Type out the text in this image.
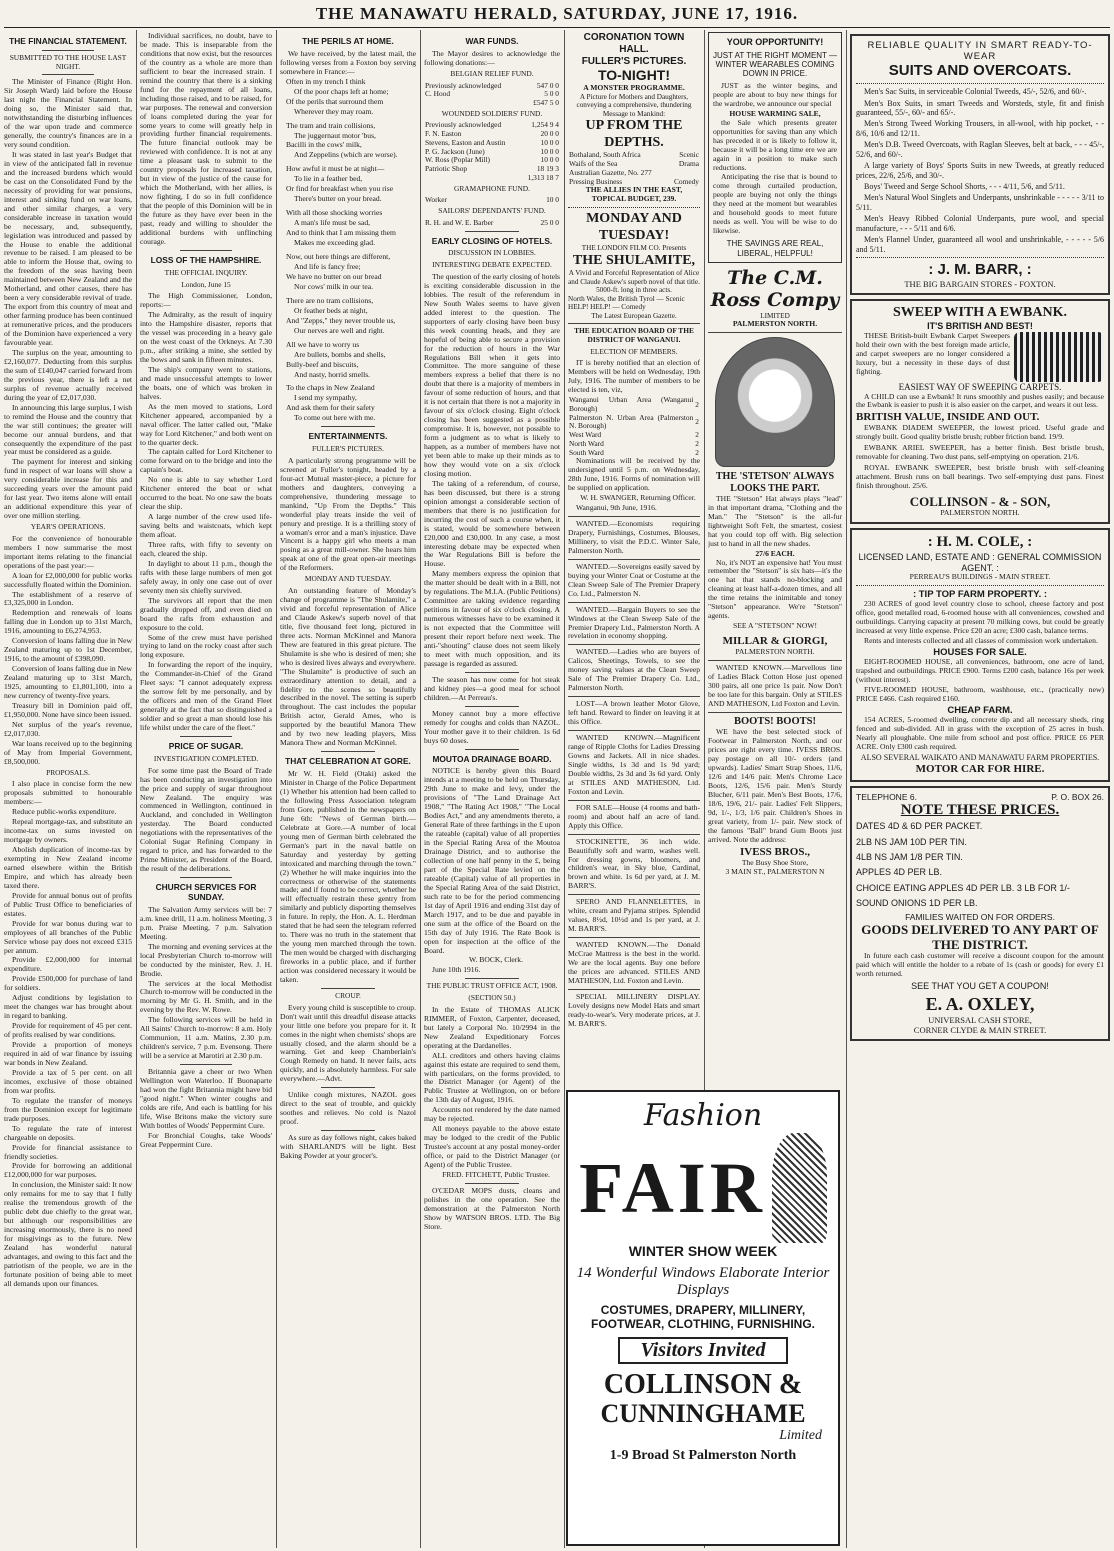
THE MANAWATU HERALD, SATURDAY, JUNE 17, 1916.
THE FINANCIAL STATEMENT.
SUBMITTED TO THE HOUSE LAST NIGHT.

The Minister of Finance (Right Hon. Sir Joseph Ward) laid before the House last night the Financial Statement. In doing so, the Minister said that, notwithstanding the disturbing influences of the war upon trade and commerce generally, the country's finances are in a very sound condition.

It was stated in last year's Budget that in view of the anticipated fall in revenue and the increased burdens which would be cast on the Consolidated Fund by the necessity of providing for war pensions, interest and sinking fund on war loans, and other similar charges, a very considerable increase in taxation would be necessary, and, subsequently, legislation was introduced and passed by the House to enable the additional revenue to be raised. I am pleased to be able to inform the House that, owing to the freedom of the seas having been maintained between New Zealand and the Motherland, and other causes, there has been a very considerable revival of trade. The export from this country of meat and other farming produce has been continued at remunerative prices, and the producers of the Dominion have experienced a very favourable year.

The surplus on the year, amounting to £2,160,077. Deducting from this surplus the sum of £140,047 carried forward from the previous year, there is left a net surplus of revenue actually received during the year of £2,017,030.

In announcing this large surplus, I wish to remind the House and the country that the war still continues; the greater will become our annual burdens, and that consequently the expenditure of the past year must be considered as a guide.

The payment for interest and sinking fund in respect of war loans will show a very considerable increase for this and succeeding years over the amount paid for last year. Two items alone will entail an additional expenditure this year of over one million sterling.

YEAR'S OPERATIONS.

For the convenience of honourable members I now summarise the most important items relating to the financial operations of the past year:—

A loan for £2,000,000 for public works successfully floated within the Dominion.

The establishment of a reserve of £3,325,000 in London.

Redemption and renewals of loans falling due in London up to 31st March, 1916, amounting to £6,274,953.

Conversion of loans falling due in New Zealand maturing up to 1st December, 1916, to the amount of £398,090.

Conversion of loans falling due in New Zealand maturing up to 31st March, 1925, amounting to £1,801,100, into a new currency of twenty-five years.

Treasury bill in Dominion paid off, £1,950,000. None have since been issued.

Net surplus of the year's revenue, £2,017,030.

War loans received up to the beginning of May from Imperial Government, £8,500,000.

PROPOSALS.

I also place in concise form the new proposals submitted to honourable members:—

Reduce public-works expenditure.

Repeal mortgage-tax, and substitute an income-tax on sums invested on mortgage by owners.

Abolish duplication of income-tax by exempting in New Zealand income earned elsewhere within the British Empire, and which has already been taxed there.

Provide for annual bonus out of profits of Public Trust Office to beneficiaries of estates.

Provide for war bonus during war to employees of all branches of the Public Service whose pay does not exceed £315 per annum.

Provide £2,000,000 for internal expenditure.

Provide £500,000 for purchase of land for soldiers.

Adjust conditions by legislation to meet the changes war has brought about in regard to banking.

Provide for requirement of 45 per cent. of profits realised by war conditions.

Provide a proportion of moneys required in aid of war finance by issuing war bonds in New Zealand.

Provide a tax of 5 per cent. on all incomes, exclusive of those obtained from war profits.

To regulate the transfer of moneys from the Dominion except for legitimate trade purposes.

To regulate the rate of interest chargeable on deposits.

Provide for financial assistance to friendly societies.

Provide for borrowing an additional £12,000,000 for war purposes.

In conclusion, the Minister said: It now only remains for me to say that I fully realise the tremendous growth of the public debt due chiefly to the great war, but although our responsibilities are increasing enormously, there is no need for misgivings as to the future. New Zealand has wonderful natural advantages, and owing to this fact and the patriotism of the people, we are in the fortunate position of being able to meet all demands upon our finances.

Individual sacrifices, no doubt, have to be made. This is inseparable from the conditions that now exist, but the resources of the country as a whole are more than sufficient to bear the increased strain. I remind the country that there is a sinking fund for the repayment of all loans, including those raised, and to be raised, for war purposes. The renewal and conversion of loans completed during the year for some years to come will greatly help in providing further financial requirements. The future financial outlook may be reviewed with confidence. It is not at any time a pleasant task to submit to the country proposals for increased taxation, but in view of the justice of the cause for which the Motherland, with her allies, is now fighting, I do so in full confidence that the people of this Dominion will be in the future as they have ever been in the past, ready and willing to shoulder the additional burdens with unflinching courage.

LOSS OF THE HAMPSHIRE.
THE OFFICIAL INQUIRY.
London, June 15

The High Commissioner, London, reports:—

The Admiralty, as the result of inquiry into the Hampshire disaster, reports that the vessel was proceeding in a heavy gale on the west coast of the Orkneys. At 7.30 p.m., after striking a mine, she settled by the bows and sank in fifteen minutes.

The ship's company went to stations, and made unsuccessful attempts to lower the boats, one of which was broken in halves.

As the men moved to stations, Lord Kitchener appeared, accompanied by a naval officer. The latter called out, "Make way for Lord Kitchener," and both went on to the quarter deck.

The captain called for Lord Kitchener to come forward on to the bridge and into the captain's boat.

No one is able to say whether Lord Kitchener entered the boat or what occurred to the boat. No one saw the boats clear the ship.

A large number of the crew used life-saving belts and waistcoats, which kept them afloat.

Three rafts, with fifty to seventy on each, cleared the ship.

In daylight to about 11 p.m., though the rafts with these large numbers of men got safely away, in only one case out of over seventy men six chiefly survived.

The survivors all report that the men gradually dropped off, and even died on board the rafts from exhaustion and exposure to the cold.

Some of the crew must have perished trying to land on the rocky coast after such long exposure.

In forwarding the report of the inquiry, the Commander-in-Chief of the Grand Fleet says: "I cannot adequately express the sorrow felt by me personally, and by the officers and men of the Grand Fleet generally at the fact that so distinguished a soldier and so great a man should lose his life whilst under the care of the fleet."

PRICE OF SUGAR.
INVESTIGATION COMPLETED.

For some time past the Board of Trade has been conducting an investigation into the price and supply of sugar throughout New Zealand. The enquiry was commenced in Wellington, continued in Auckland, and concluded in Wellington yesterday. The Board conducted negotiations with the representatives of the Colonial Sugar Refining Company in regard to price, and has forwarded to the Prime Minister, as President of the Board, the result of the deliberations.

CHURCH SERVICES FOR SUNDAY.

The Salvation Army services will be: 7 a.m. knee drill, 11 a.m. holiness Meeting, 3 p.m. Praise Meeting, 7 p.m. Salvation Meeting.

The morning and evening services at the local Presbyterian Church to-morrow will be conducted by the minister, Rev. J. H. Brodie.

The services at the local Methodist Church to-morrow will be conducted in the morning by Mr G. H. Smith, and in the evening by the Rev. W. Rowe.

The following services will be held in All Saints' Church to-morrow: 8 a.m. Holy Communion, 11 a.m. Matins, 2.30 p.m. children's service, 7 p.m. Evensong. There will be a service at Marotiri at 2.30 p.m.

Britannia gave a cheer or two When Wellington won Waterloo. If Buonaparte had won the fight Britannia might have bid "good night." When winter coughs and colds are rife, And each is battling for his life, Wise Britons make the victory sure With bottles of Woods' Peppermint Cure.

For Bronchial Coughs, take Woods' Great Peppermint Cure.

THE PERILS AT HOME.

We have received, by the latest mail, the following verses from a Foxton boy serving somewhere in France:—

Often in my trench I think

Of the poor chaps left at home;

Of the perils that surround them

Wherever they may roam.

The tram and train collisions,

The juggernaut motor 'bus,

Bacilli in the cows' milk,

And Zeppelins (which are worse).

How awful it must be at night—

To lie in a feather bed,

Or find for breakfast when you rise

There's butter on your bread.

With all those shocking worries

A man's life must be sad,

And to think that I am missing them

Makes me exceeding glad.

Now, out here things are different,

And life is fancy free;

We have no butter on our bread

Nor cows' milk in our tea.

There are no tram collisions,

Or feather beds at night,

And "Zepps," they never trouble us,

Our nerves are well and right.

All we have to worry us

Are bullets, bombs and shells,

Bully-beef and biscuits,

And nasty, horrid smells.

To the chaps in New Zealand

I send my sympathy,

And ask them for their safety

To come out here with me.

ENTERTAINMENTS.
FULLER'S PICTURES.

A particularly strong programme will be screened at Fuller's tonight, headed by a four-act Mutual master-piece, a picture for mothers and daughters, conveying a comprehensive, thundering message to mankind, "Up From the Depths." This wonderful play treats inside the veil of penury and prestige. It is a thrilling story of a woman's error and a man's injustice. Dave Vincent is a happy girl who meets a man posing as a great mill-owner. She hears him speak at one of the great open-air meetings of the Reformers.

MONDAY AND TUESDAY.

An outstanding feature of Monday's change of programme is "The Shulamite," a vivid and forceful representation of Alice and Claude Askew's superb novel of that title, five thousand feet long, pictured in three acts. Norman McKinnel and Manora Thew are featured in this great picture. The Shulamite is she who is desired of men; she who is desired lives always and everywhere. "The Shulamite" is productive of such an extraordinary attention to detail, and a fidelity to the scenes so beautifully described in the novel. The setting is superb throughout. The cast includes the popular British actor, Gerald Ames, who is supported by the beautiful Manora Thew and by two new leading players, Miss Manora Thew and Norman McKinnel.

THAT CELEBRATION AT GORE.

Mr W. H. Field (Otaki) asked the Minister in Charge of the Police Department (1) Whether his attention had been called to the following Press Association telegram from Gore, published in the newspapers on June 6th: "News of German birth.—Celebrate at Gore.—A number of local young men of German birth celebrated the German's part in the naval battle on Saturday and yesterday by getting intoxicated and marching through the town." (2) Whether he will make inquiries into the correctness or otherwise of the statements made; and if found to be correct, whether he will effectually restrain these gentry from similarly and publicly disporting themselves in future. In reply, the Hon. A. L. Herdman stated that he had seen the telegram referred to. There was no truth in the statement that the young men marched through the town. The men would be charged with discharging fireworks in a public place, and if further action was considered necessary it would be taken.

CROUP.

Every young child is susceptible to croup. Don't wait until this dreadful disease attacks your little one before you prepare for it. It comes in the night when chemists' shops are usually closed, and the alarm should be a warning. Get and keep Chamberlain's Cough Remedy on hand. It never fails, acts quickly, and is absolutely harmless. For sale everywhere.—Advt.

Unlike cough mixtures, NAZOL goes direct to the seat of trouble, and quickly soothes and relieves. No cold is Nazol proof.

As sure as day follows night, cakes baked with SHARLAND'S will be light. Best Baking Powder at your grocer's.

WAR FUNDS.

The Mayor desires to acknowledge the following donations:—

BELGIAN RELIEF FUND.
Previously acknowledged	547 0 0
C. Hood	5 0 0
	£547 5 0
WOUNDED SOLDIERS' FUND.
Previously acknowledged	1,254 9 4
F. N. Easton	20 0 0
Stevens, Easton and Austin	10 0 0
P. G. Jackson (June)	10 0 0
W. Ross (Poplar Mill)	10 0 0
Patriotic Shop	18 19 3
	1,313 18 7
GRAMAPHONE FUND.
Worker	10 0
SAILORS' DEPENDANTS' FUND.
R. H. and W. E. Barber	25 0 0
EARLY CLOSING OF HOTELS.
DISCUSSION IN LOBBIES.
INTERESTING DEBATE EXPECTED.

The question of the early closing of hotels is exciting considerable discussion in the lobbies. The result of the referendum in New South Wales seems to have given added interest to the question. The supporters of early closing have been busy this week counting heads, and they are hopeful of being able to secure a provision for the reduction of hours in the War Regulations Bill when it gets into Committee. The more sanguine of these members express a belief that there is no doubt that there is a majority of members in favour of some reduction of hours, and that it is not certain that there is not a majority in favour of six o'clock closing. Eight o'clock closing has been suggested as a possible compromise. It is, however, not possible to form a judgment as to what is likely to happen, as a number of members have not yet been able to make up their minds as to how they would vote on a six o'clock closing motion.

The taking of a referendum, of course, has been discussed, but there is a strong opinion amongst a considerable section of members that there is no justification for incurring the cost of such a course when, it is stated, would be somewhere between £20,000 and £30,000. In any case, a most interesting debate may be expected when the War Regulations Bill is before the House.

Many members express the opinion that the matter should be dealt with in a Bill, not by regulations. The M.I.A. (Public Petitions) Committee are taking evidence regarding petitions in favour of six o'clock closing. A numerous witnesses have to be examined it is not expected that the Committee will present their report before next week. The anti-"shouting" clause does not seem likely to meet with much opposition, and its passage is regarded as assured.

The season has now come for hot steak and kidney pies—a good meal for school children.—At Perreau's.

Money cannot buy a more effective remedy for coughs and colds than NAZOL. Your mother gave it to their children. 1s 6d buys 60 doses.

MOUTOA DRAINAGE BOARD.

NOTICE is hereby given this Board intends at a meeting to be held on Thursday, 29th June to make and levy, under the provisions of "The Land Drainage Act 1908," "The Rating Act 1908," "The Local Bodies Act," and any amendments thereto, a General Rate of three farthings in the £ upon the rateable (capital) value of all properties in the Special Rating Area of the Moutoa Drainage District, and to authorise the collection of one half penny in the £, being part of the Special Rate levied on the rateable (Capital) value of all properties in the Special Rating Area of the said District, such rate to be for the period commencing 1st day of April 1916 and ending 31st day of March 1917, and to be due and payable in one sum at the office of the Board on the 15th day of July 1916. The Rate Book is open for inspection at the office of the Board.

W. BOCK, Clerk.

June 10th 1916.

THE PUBLIC TRUST OFFICE ACT, 1908.
(SECTION 50.)

In the Estate of THOMAS ALICK RIMMER, of Foxton, Carpenter, deceased, but lately a Corporal No. 10/2994 in the New Zealand Expeditionary Forces operating at the Dardanelles.

ALL creditors and others having claims against this estate are required to send them, with particulars, on the forms provided, to the District Manager (or Agent) of the Public Trustee at Wellington, on or before the 13th day of August, 1916.

Accounts not rendered by the date named may be rejected.

All moneys payable to the above estate may be lodged to the credit of the Public Trustee's account at any postal money-order office, or paid to the District Manager (or Agent) of the Public Trustee.

FRED. FITCHETT, Public Trustee.

O'CEDAR MOPS dusts, cleans and polishes in the one operation. See the demonstration at the Palmerston North Show by WATSON BROS. LTD. The Big Store.

CORONATION TOWN HALL.
FULLER'S PICTURES.
TO-NIGHT!
A MONSTER PROGRAMME.
A Picture for Mothers and Daughters, conveying a comprehensive, thundering Message to Mankind:
UP FROM THE DEPTHS.
Bothaland, South Africa	Scenic
Waifs of the Sea	Drama
Australian Gazette, No. 277	
Pressing Business	Comedy
THE ALLIES IN THE EAST, TOPICAL BUDGET, 239.
MONDAY AND TUESDAY!
THE LONDON FILM CO. Presents
THE SHULAMITE,
A Vivid and Forceful Representation of Alice and Claude Askew's superb novel of that title. 5000-ft. long in three acts.
North Wales, the British Tyrol — Scenic
HELP! HELP! — Comedy
The Latest European Gazette.
THE EDUCATION BOARD OF THE DISTRICT OF WANGANUI.
ELECTION OF MEMBERS.

IT is hereby notified that an election of Members will be held on Wednesday, 19th July, 1916. The number of members to be elected is ten, viz,

Wanganui Urban Area (Wanganui Borough)	2
Palmerston N. Urban Area (Palmerston N. Borough)	2
West Ward	2
North Ward	2
South Ward	2

Nominations will be received by the undersigned until 5 p.m. on Wednesday, 28th June, 1916. Forms of nomination will be supplied on application.

W. H. SWANGER, Returning Officer.

Wanganui, 9th June, 1916.

WANTED.—Economists requiring Drapery, Furnishings, Costumes, Blouses, Millinery, to visit the P.D.C. Winter Sale, Palmerston North.

WANTED.—Sovereigns easily saved by buying your Winter Coat or Costume at the Clean Sweep Sale of The Premier Drapery Co. Ltd., Palmerston N.

WANTED.—Bargain Buyers to see the Windows at the Clean Sweep Sale of the Premier Drapery Ltd., Palmerston North. A revelation in economy shopping.

WANTED.—Ladies who are buyers of Calicos, Sheetings, Towels, to see the money saving values at the Clean Sweep Sale of The Premier Drapery Co. Ltd., Palmerston North.

LOST—A brown leather Motor Glove, left hand. Reward to finder on leaving it at this Office.

WANTED KNOWN.—Magnificent range of Ripple Cloths for Ladies Dressing Gowns and Jackets. All in nice shades. Single widths, 1s 3d and 1s 9d yard; Double widths, 2s 3d and 3s 6d yard. Only at STILES AND MATHESON, Ltd. Foxton and Levin.

FOR SALE—House (4 rooms and bath-room) and about half an acre of land. Apply this Office.

STOCKINETTE, 36 inch wide. Beautifully soft and warm, washes well. For dressing gowns, bloomers, and children's wear, in Sky blue, Cardinal, brown and white. 1s 6d per yard, at J. M. BARR'S.

SPERO AND FLANNELETTES, in white, cream and Pyjama stripes. Splendid values, 8½d, 10½d and 1s per yard, at J. M. BARR'S.

WANTED KNOWN.—The Donald McCrae Mattress is the best in the world. We are the local agents. Buy one before the prices are advanced. STILES AND MATHESON, Ltd. Foxton and Levin.

SPECIAL MILLINERY DISPLAY. Lovely designs new Model Hats and smart ready-to-wear's. Very moderate prices, at J. M. BARR'S.

Fashion
FAIR
WINTER SHOW WEEK
14 Wonderful Windows Elaborate Interior Displays
COSTUMES, DRAPERY, MILLINERY, FOOTWEAR, CLOTHING, FURNISHING.
Visitors Invited
COLLINSON &
CUNNINGHAME
Limited
1-9 Broad St Palmerston North
YOUR OPPORTUNITY!
JUST AT THE RIGHT MOMENT — WINTER WEARABLES COMING DOWN IN PRICE.

JUST as the winter begins, and people are about to buy new things for the wardrobe, we announce our special

HOUSE WARMING SALE,

the Sale which presents greater opportunities for saving than any which has preceded it or is likely to follow it, because it will be a long time ere we are again in a position to make such reductions.

Anticipating the rise that is bound to come through curtailed production, people are buying not only the things they need at the moment but wearables and household goods to meet future needs as well. You will be wise to do likewise.

THE SAVINGS ARE REAL, LIBERAL, HELPFUL!
The C.M. Ross Compy
LIMITED
PALMERSTON NORTH.
THE 'STETSON' ALWAYS LOOKS THE PART.

THE "Stetson" Hat always plays "lead" in that important drama, "Clothing and the Man." The "Stetson" is the all-fur lightweight Soft Felt, the smartest, cosiest hat you could top off with. Big selection just to hand in all the new shades.

27/6 EACH.

No, it's NOT an expensive hat! You must remember the "Stetson" is six hats—it's the one hat that stands no-blocking and cleaning at least half-a-dozen times, and all the time retains the inimitable and toney "Stetson" appearance. We're "Stetson" agents.

SEE A "STETSON" NOW!
MILLAR & GIORGI,
PALMERSTON NORTH.

WANTED KNOWN.—Marvellous line of Ladies Black Cotton Hose just opened 300 pairs, all one price 1s pair. Now Don't be too late for this bargain. Only at STILES AND MATHESON, Ltd Foxton and Levin.

BOOTS! BOOTS!

WE have the best selected stock of Footwear in Palmerston North, and our prices are right every time. IVESS BROS. pay postage on all 10/- orders (and upwards). Ladies' Smart Strap Shoes, 11/6, 12/6 and 14/6 pair. Men's Chrome Lace Boots, 12/6, 15/6 pair. Men's Sturdy Blucher, 6/11 pair. Men's Best Boots, 17/6, 18/6, 19/6, 21/- pair. Ladies' Felt Slippers, 9d, 1/-, 1/3, 1/6 pair. Children's Shoes in great variety, from 1/- pair. New stock of the famous "Ball" brand Gum Boots just arrived. Note the address:

IVESS BROS.,
The Busy Shoe Store,
3 MAIN ST., PALMERSTON N
RELIABLE QUALITY IN SMART READY-TO-WEAR
SUITS AND OVERCOATS.

Men's Sac Suits, in serviceable Colonial Tweeds, 45/-, 52/6, and 60/-.

Men's Box Suits, in smart Tweeds and Worsteds, style, fit and finish guaranteed, 55/-, 60/- and 65/-.

Men's Strong Tweed Working Trousers, in all-wool, with hip pocket, - - 8/6, 10/6 and 12/11.

Men's D.B. Tweed Overcoats, with Raglan Sleeves, belt at back, - - - 45/-, 52/6, and 60/-.

A large variety of Boys' Sports Suits in new Tweeds, at greatly reduced prices, 22/6, 25/6, and 30/-.

Boys' Tweed and Serge School Shorts, - - - 4/11, 5/6, and 5/11.

Men's Natural Wool Singlets and Underpants, unshrinkable - - - - - 3/11 to 5/11.

Men's Heavy Ribbed Colonial Underpants, pure wool, and special manufacture, - - - 5/11 and 6/6.

Men's Flannel Under, guaranteed all wool and unshrinkable, - - - - - 5/6 and 5/11.

: J. M. BARR, :
THE BIG BARGAIN STORES - FOXTON.
SWEEP WITH A EWBANK.
IT'S BRITISH AND BEST!

THESE British-built Ewbank Carpet Sweepers hold their own with the best foreign made article, and carpet sweepers are no longer considered a luxury, but a necessity in these days of dust fighting.

EASIEST WAY OF SWEEPING CARPETS.

A CHILD can use a Ewbank! It runs smoothly and pushes easily; and because the Ewbank is easier to push it is also easier on the carpet, and wears it out less.

BRITISH VALUE, INSIDE AND OUT.

EWBANK DIADEM SWEEPER, the lowest priced. Useful grade and strongly built. Good quality bristle brush; rubber friction band. 19/9.

EWBANK ARIEL SWEEPER, has a better finish. Best bristle brush, removable for cleaning. Two dust pans, self-emptying on operation. 21/6.

ROYAL EWBANK SWEEPER, best bristle brush with self-cleaning attachment. Brush runs on ball bearings. Two self-emptying dust pans. Finest finish throughout. 25/6.

COLLINSON - & - SON,
PALMERSTON NORTH.
: H. M. COLE, :
LICENSED LAND, ESTATE AND : GENERAL COMMISSION AGENT. :
PERREAU'S BUILDINGS - MAIN STREET.
: TIP TOP FARM PROPERTY. :

230 ACRES of good level country close to school, cheese factory and post office, good metalled road, 6-roomed house with all conveniences, cowshed and outbuildings. Carrying capacity at present 70 milking cows, but could be greatly increased at very little expense. Price £20 an acre; £300 cash, balance terms.

Rents and interests collected and all classes of commission work undertaken.

HOUSES FOR SALE.

EIGHT-ROOMED HOUSE, all conveniences, bathroom, one acre of land, trapshed and outbuildings. PRICE £900. Terms £200 cash, balance 16s per week (without interest).

FIVE-ROOMED HOUSE, bathroom, washhouse, etc., (practically new) PRICE £466. Cash required £160.

CHEAP FARM.

154 ACRES, 5-roomed dwelling, concrete dip and all necessary sheds, ring fenced and sub-divided. All in grass with the exception of 25 acres in bush. Nearly all ploughable. One mile from school and post office. PRICE £6 PER ACRE. Only £300 cash required.

ALSO SEVERAL WAIKATO AND MANAWATU FARM PROPERTIES.
MOTOR CAR FOR HIRE.
TELEPHONE 6.	P. O. BOX 26.
NOTE THESE PRICES.

DATES 4D & 6D PER PACKET.

2LB NS JAM 10D PER TIN.

4LB NS JAM 1/8 PER TIN.

APPLES 4D PER LB.

CHOICE EATING APPLES 4D PER LB. 3 LB FOR 1/-

SOUND ONIONS 1D PER LB.

FAMILIES WAITED ON FOR ORDERS.
GOODS DELIVERED TO ANY PART OF THE DISTRICT.

In future each cash customer will receive a discount coupon for the amount paid which will entitle the holder to a rebate of 1s (cash or goods) for every £1 worth returned.

SEE THAT YOU GET A COUPON!
E. A. OXLEY,
UNIVERSAL CASH STORE,
CORNER CLYDE & MAIN STREET.
